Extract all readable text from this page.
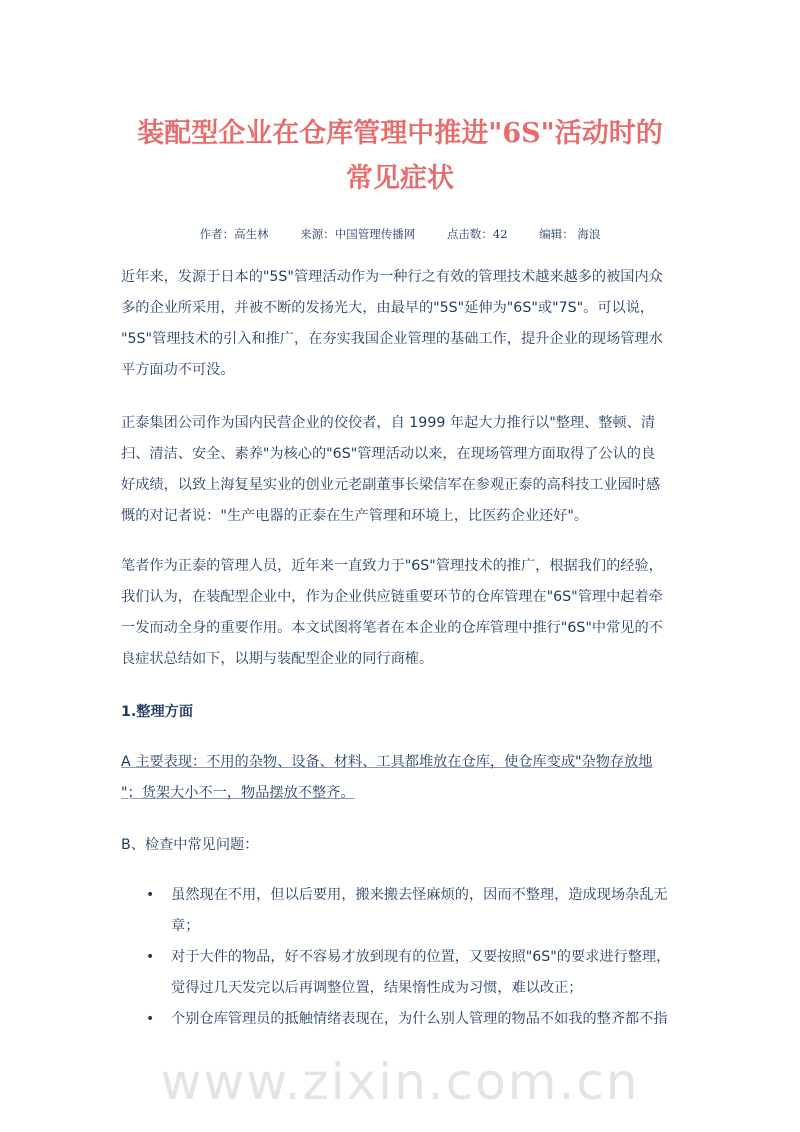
装配型企业在仓库管理中推进"6S"活动时的
常见症状
作者：高生林	来源：中国管理传播网	点击数：42	编辑： 海浪
近年来，发源于日本的"5S"管理活动作为一种行之有效的管理技术越来越多的被国内众
多的企业所采用，并被不断的发扬光大，由最早的"5S"延伸为"6S"或"7S"。可以说，
"5S"管理技术的引入和推广，在夯实我国企业管理的基础工作，提升企业的现场管理水
平方面功不可没。
正泰集团公司作为国内民营企业的佼佼者，自 1999 年起大力推行以"整理、整顿、清
扫、清洁、安全、素养"为核心的"6S"管理活动以来，在现场管理方面取得了公认的良
好成绩，以致上海复星实业的创业元老副董事长梁信军在参观正泰的高科技工业园时感
慨的对记者说："生产电器的正泰在生产管理和环境上，比医药企业还好"。
笔者作为正泰的管理人员，近年来一直致力于"6S"管理技术的推广，根据我们的经验，
我们认为，在装配型企业中，作为企业供应链重要环节的仓库管理在"6S"管理中起着牵
一发而动全身的重要作用。本文试图将笔者在本企业的仓库管理中推行"6S"中常见的不
良症状总结如下，以期与装配型企业的同行商榷。
1.整理方面
A 主要表现：不用的杂物、设备、材料、工具都堆放在仓库，使仓库变成"杂物存放地
"；货架大小不一，物品摆放不整齐。
B、检查中常见问题：
• 虽然现在不用，但以后要用，搬来搬去怪麻烦的，因而不整理，造成现场杂乱无
章；
• 对于大件的物品，好不容易才放到现有的位置，又要按照"6S"的要求进行整理，
觉得过几天发完以后再调整位置，结果惰性成为习惯，难以改正；
• 个别仓库管理员的抵触情绪表现在，为什么别人管理的物品不如我的整齐都不指
www.zixin.com.cn
